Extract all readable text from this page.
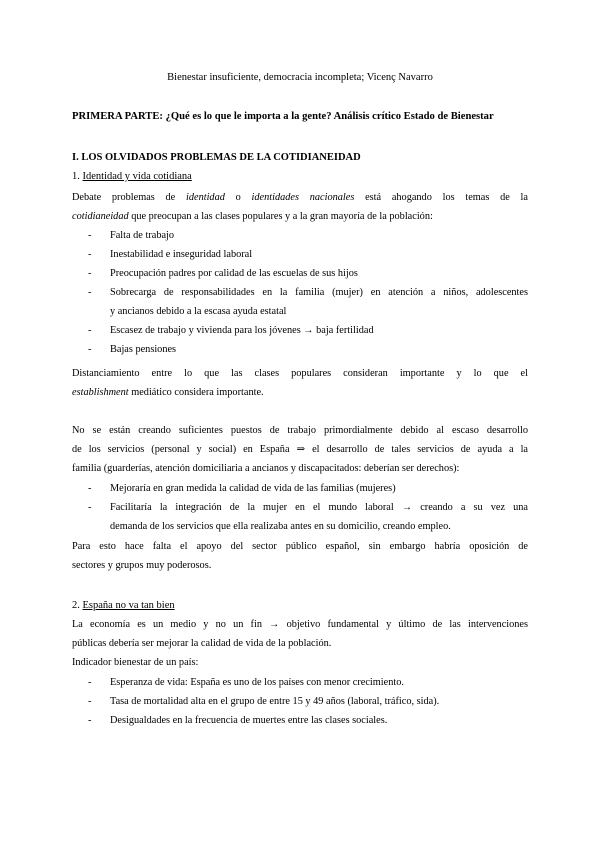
Bienestar insuficiente, democracia incompleta; Vicenç Navarro
PRIMERA PARTE: ¿Qué es lo que le importa a la gente? Análisis crítico Estado de Bienestar
I. LOS OLVIDADOS PROBLEMAS DE LA COTIDIANEIDAD
1. Identidad y vida cotidiana
Debate problemas de identidad o identidades nacionales está ahogando los temas de la
cotidianeidad que preocupan a las clases populares y a la gran mayoría de la población:
- Falta de trabajo
- Inestabilidad e inseguridad laboral
- Preocupación padres por calidad de las escuelas de sus hijos
- Sobrecarga de responsabilidades en la familia (mujer) en atención a niños, adolescentes
y ancianos debido a la escasa ayuda estatal
- Escasez de trabajo y vivienda para los jóvenes → baja fertilidad
- Bajas pensiones
Distanciamiento entre lo que las clases populares consideran importante y lo que el
establishment mediático considera importante.
No se están creando suficientes puestos de trabajo primordialmente debido al escaso desarrollo
de los servicios (personal y social) en España ⇒ el desarrollo de tales servicios de ayuda a la
familia (guarderías, atención domiciliaria a ancianos y discapacitados: deberían ser derechos):
- Mejoraría en gran medida la calidad de vida de las familias (mujeres)
- Facilitaría la integración de la mujer en el mundo laboral → creando a su vez una
demanda de los servicios que ella realizaba antes en su domicilio, creando empleo.
Para esto hace falta el apoyo del sector público español, sin embargo habría oposición de
sectores y grupos muy poderosos.
2. España no va tan bien
La economía es un medio y no un fin → objetivo fundamental y último de las intervenciones
públicas debería ser mejorar la calidad de vida de la población.
Indicador bienestar de un país:
- Esperanza de vida: España es uno de los países con menor crecimiento.
- Tasa de mortalidad alta en el grupo de entre 15 y 49 años (laboral, tráfico, sida).
- Desigualdades en la frecuencia de muertes entre las clases sociales.
